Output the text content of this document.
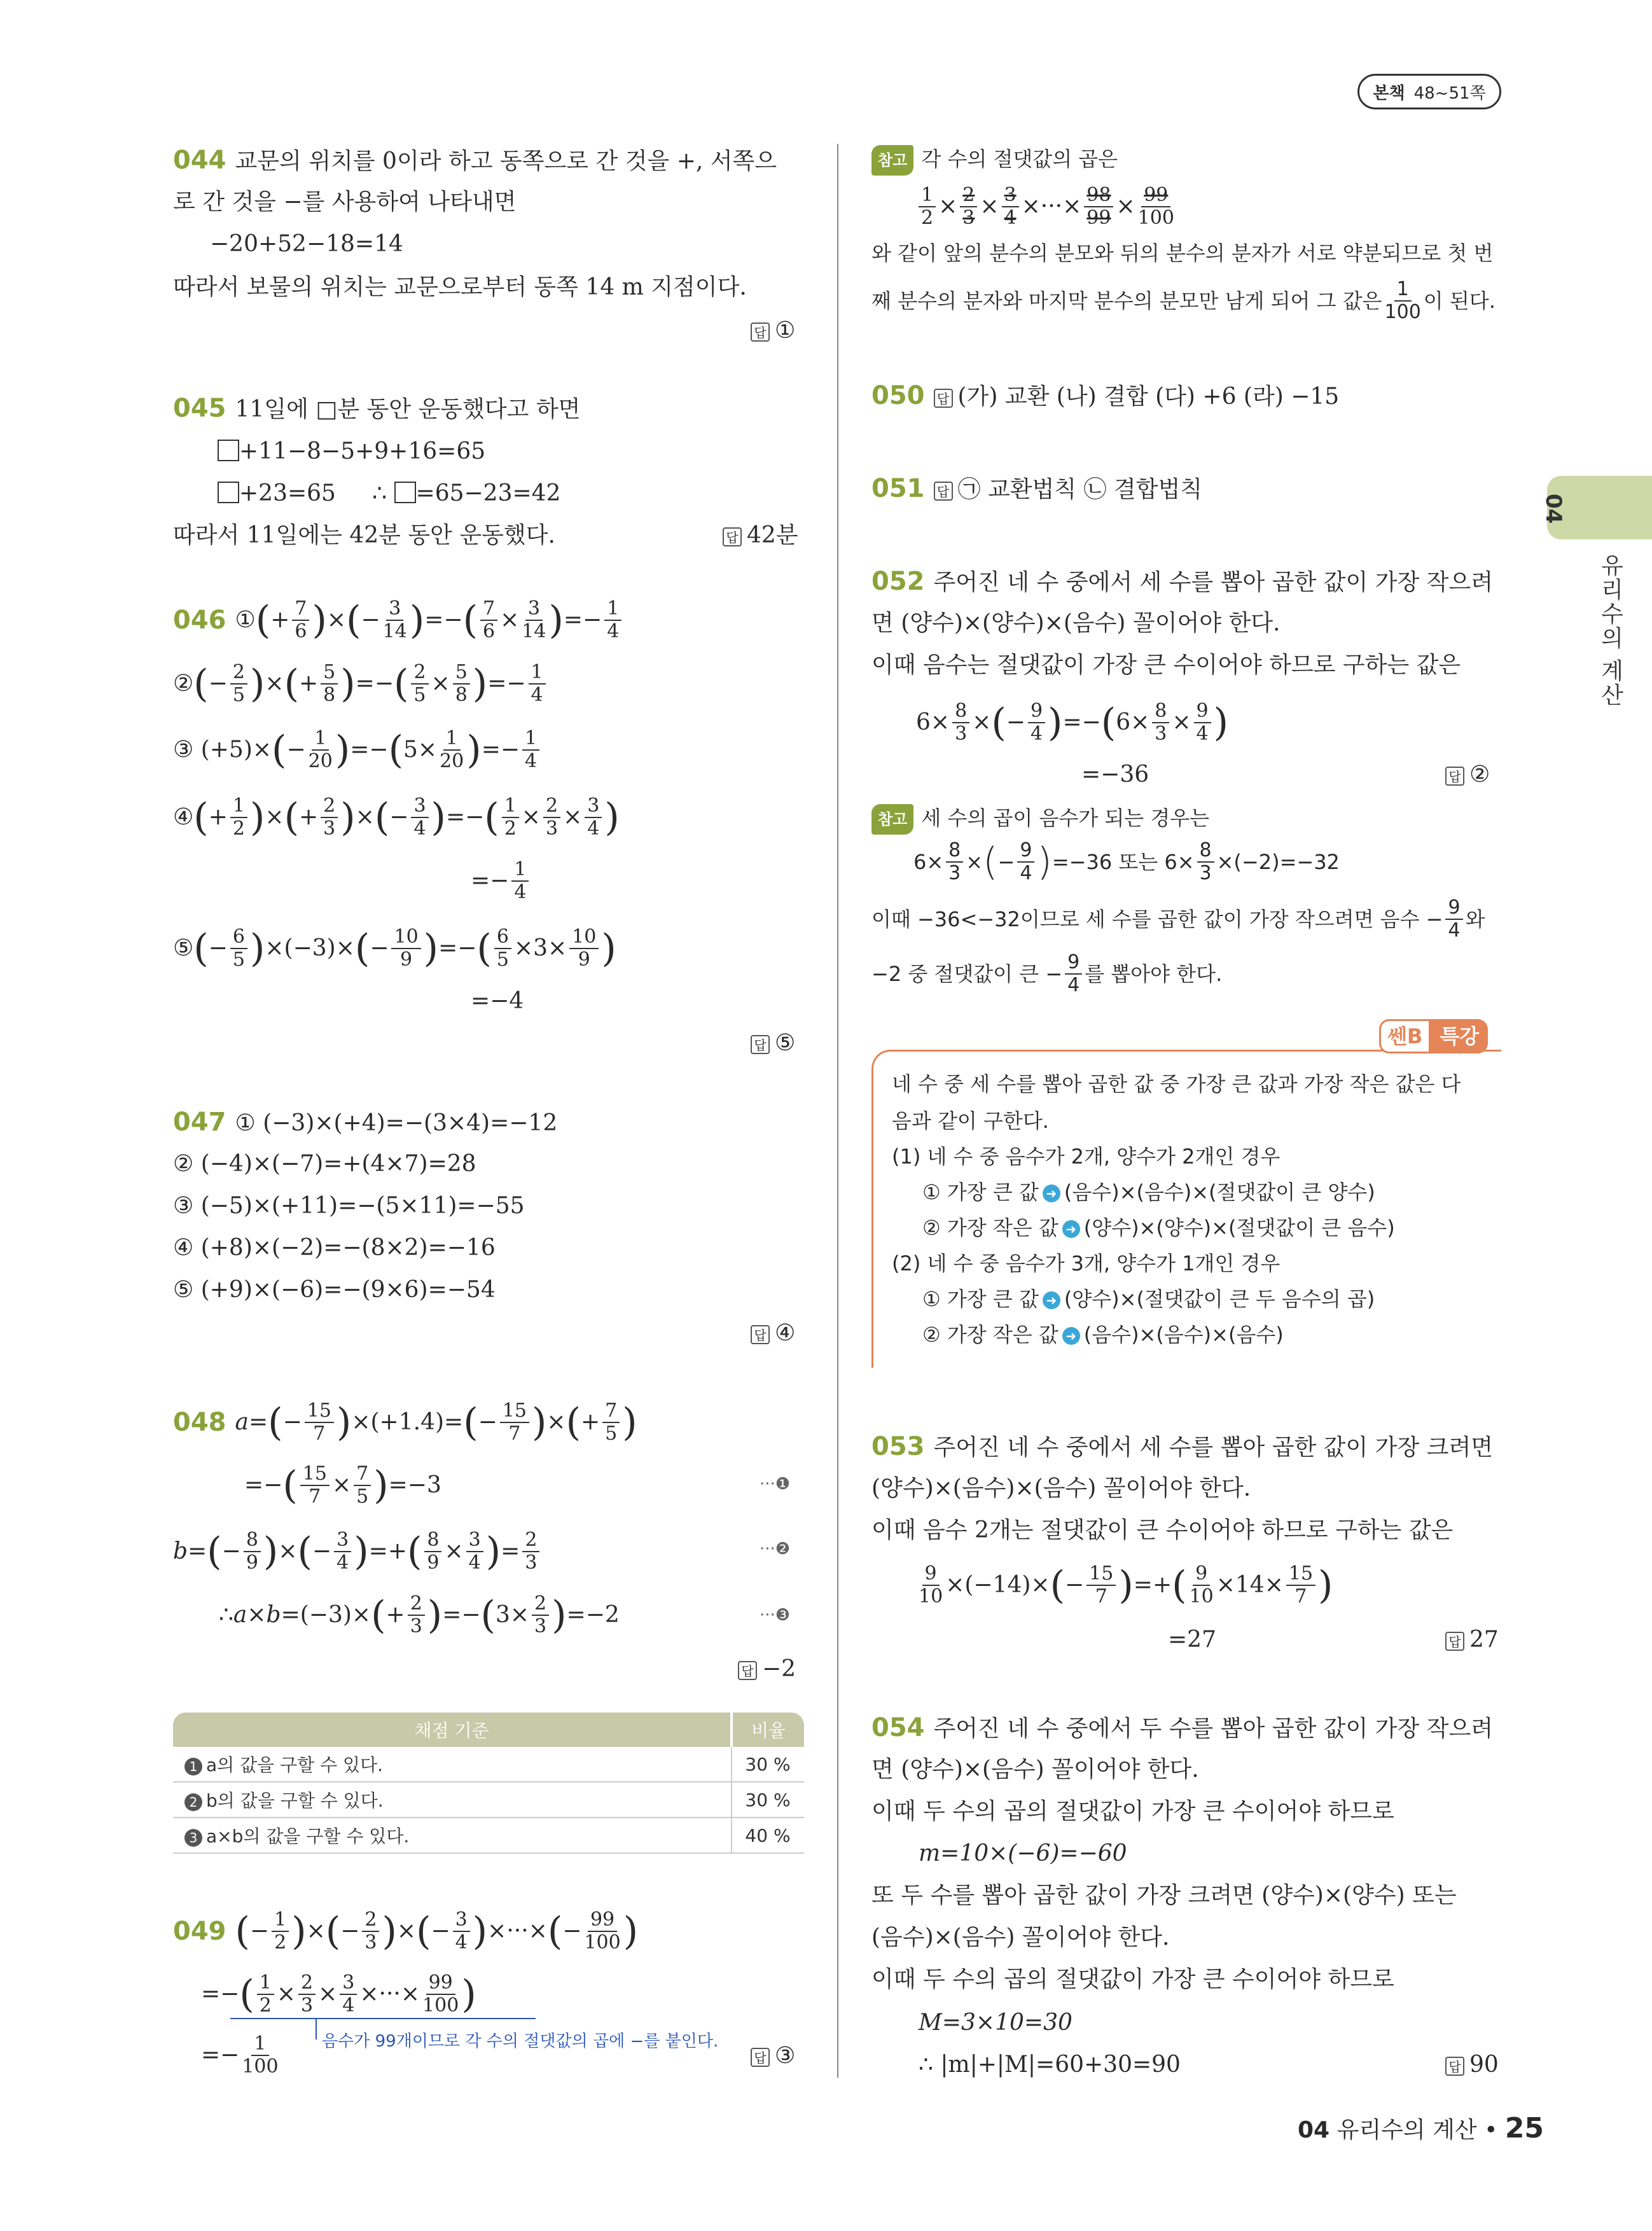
본책 48~51쪽
04
유리수의 계산
044 교문의 위치를 0이라 하고 동쪽으로 간 것을 +, 서쪽으
로 간 것을 −를 사용하여 나타내면
−20+52−18=14
따라서 보물의 위치는 교문으로부터 동쪽 14 m 지점이다.
답 ①
045 11일에 □분 동안 운동했다고 하면
+11−8−5+9+16=65
+23=65 ∴ =65−23=42
따라서 11일에는 42분 동안 운동했다.	답 42분
046 ① ( + 7
6 ) × ( − 3
14 ) =− ( 7
6 × 3
14 ) =− 1
4
② ( − 2
5 ) × ( + 5
8 ) =− ( 2
5 × 5
8 ) =− 1
4
③ (+5)× ( − 1
20 ) =− ( 5× 1
20 ) =− 1
4
④ ( + 1
2 ) × ( + 2
3 ) × ( − 3
4 ) =− ( 1
2 × 2
3 × 3
4 )
=− 1
4
⑤ ( − 6
5 ) ×(−3)× ( − 10
9 ) =− ( 6
5 ×3× 10
9 )
=−4
답 ⑤
047 ① (−3)×(+4)=−(3×4)=−12
② (−4)×(−7)=+(4×7)=28
③ (−5)×(+11)=−(5×11)=−55
④ (+8)×(−2)=−(8×2)=−16
⑤ (+9)×(−6)=−(9×6)=−54
답 ④
048 a = ( − 15
7 ) ×(+1.4)= ( − 15
7 ) × ( + 7
5 )
=− ( 15
7 × 7
5 ) =−3	···❶
b = ( − 8
9 ) × ( − 3
4 ) =+ ( 8
9 × 3
4 ) = 2
3
···❷
∴ a × b =(−3)× ( + 2
3 ) =− ( 3× 2
3 ) =−2	···❸
답 −2
채점 기준	비율
1 a의 값을 구할 수 있다.	30 %
2 b의 값을 구할 수 있다.	30 %
3 a×b의 값을 구할 수 있다.	40 %
049 ( − 1
2 ) × ( − 2
3 ) × ( − 3
4 ) ×···× ( − 99
100 )
=− ( 1
2 × 2
3 × 3
4 ×···× 99
100 )
음수가 99개이므로 각 수의 절댓값의 곱에 −를 붙인다.
=− 1
100	답 ③
참고 각 수의 절댓값의 곱은
1
2 × 2
3 × 3
4 ×···× 98
99 × 99
100
와 같이 앞의 분수의 분모와 뒤의 분수의 분자가 서로 약분되므로 첫 번
째 분수의 분자와 마지막 분수의 분모만 남게 되어 그 값은 1
100 이 된다.
050 답 (가) 교환 (나) 결합 (다) +6 (라) −15
051 답 ㉠ 교환법칙 ㉡ 결합법칙
052 주어진 네 수 중에서 세 수를 뽑아 곱한 값이 가장 작으려
면 (양수)×(양수)×(음수) 꼴이어야 한다.
이때 음수는 절댓값이 가장 큰 수이어야 하므로 구하는 값은
6× 8
3 × ( − 9
4 ) =− ( 6× 8
3 × 9
4 )
=−36	답 ②
참고 세 수의 곱이 음수가 되는 경우는
6× 8
3 × ( − 9
4 ) =−36 또는 6× 8
3 ×(−2)=−32
이때 −36<−32이므로 세 수를 곱한 값이 가장 작으려면 음수 − $\frac{9}{4}$ 와
−2 중 절댓값이 큰 − $\frac{9}{4}$ 를 뽑아야 한다.
쎈B 특강
네 수 중 세 수를 뽑아 곱한 값 중 가장 큰 값과 가장 작은 값은 다
음과 같이 구한다.
(1) 네 수 중 음수가 2개, 양수가 2개인 경우
① 가장 큰 값 ➜ (음수)×(음수)×(절댓값이 큰 양수)
② 가장 작은 값 ➜ (양수)×(양수)×(절댓값이 큰 음수)
(2) 네 수 중 음수가 3개, 양수가 1개인 경우
① 가장 큰 값 ➜ (양수)×(절댓값이 큰 두 음수의 곱)
② 가장 작은 값 ➜ (음수)×(음수)×(음수)
053 주어진 네 수 중에서 세 수를 뽑아 곱한 값이 가장 크려면
(양수)×(음수)×(음수) 꼴이어야 한다.
이때 음수 2개는 절댓값이 큰 수이어야 하므로 구하는 값은
9
10 ×(−14)× ( − 15
7 ) =+ ( 9
10 ×14× 15
7 )
=27	답 27
054 주어진 네 수 중에서 두 수를 뽑아 곱한 값이 가장 작으려
면 (양수)×(음수) 꼴이어야 한다.
이때 두 수의 곱의 절댓값이 가장 큰 수이어야 하므로
m=10×(−6)=−60
또 두 수를 뽑아 곱한 값이 가장 크려면 (양수)×(양수) 또는
(음수)×(음수) 꼴이어야 한다.
이때 두 수의 곱의 절댓값이 가장 큰 수이어야 하므로
M=3×10=30
∴ |m|+|M|=60+30=90	답 90
04 유리수의 계산 • 25
